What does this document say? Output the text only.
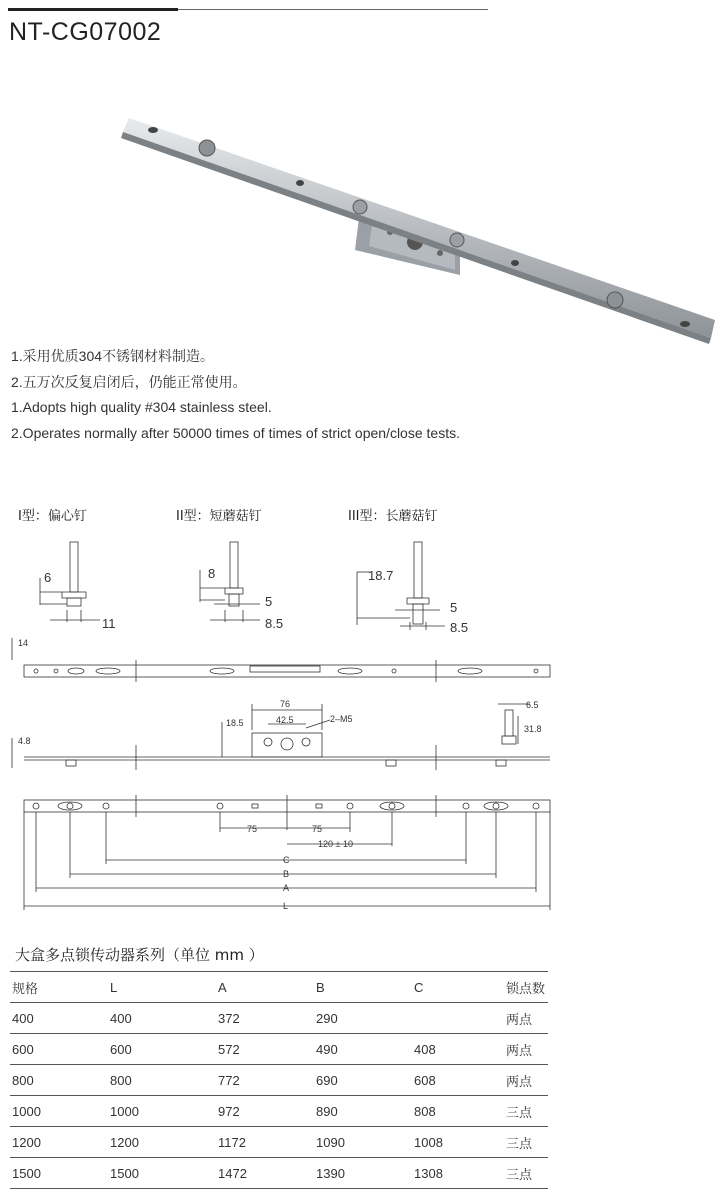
NT-CG07002
1.采用优质304不锈钢材料制造。
2.五万次反复启闭后，仍能正常使用。
1.Adopts high quality #304 stainless steel.
2.Operates normally after 50000 times of times of strict open/close tests.
I型：偏心钉	II型：短蘑菇钉	III型：长蘑菇钉
6
11
8
5
8.5
18.7
5
8.5
14
4.8
76
42.5
18.5	2–M5
6.5
31.8
75	75
120 ± 10
C
B
A
L
大盒多点锁传动器系列（单位 mm ）
规格	L	A	B	C	锁点数
400	400	372	290		两点
600	600	572	490	408	两点
800	800	772	690	608	两点
1000	1000	972	890	808	三点
1200	1200	1172	1090	1008	三点
1500	1500	1472	1390	1308	三点
